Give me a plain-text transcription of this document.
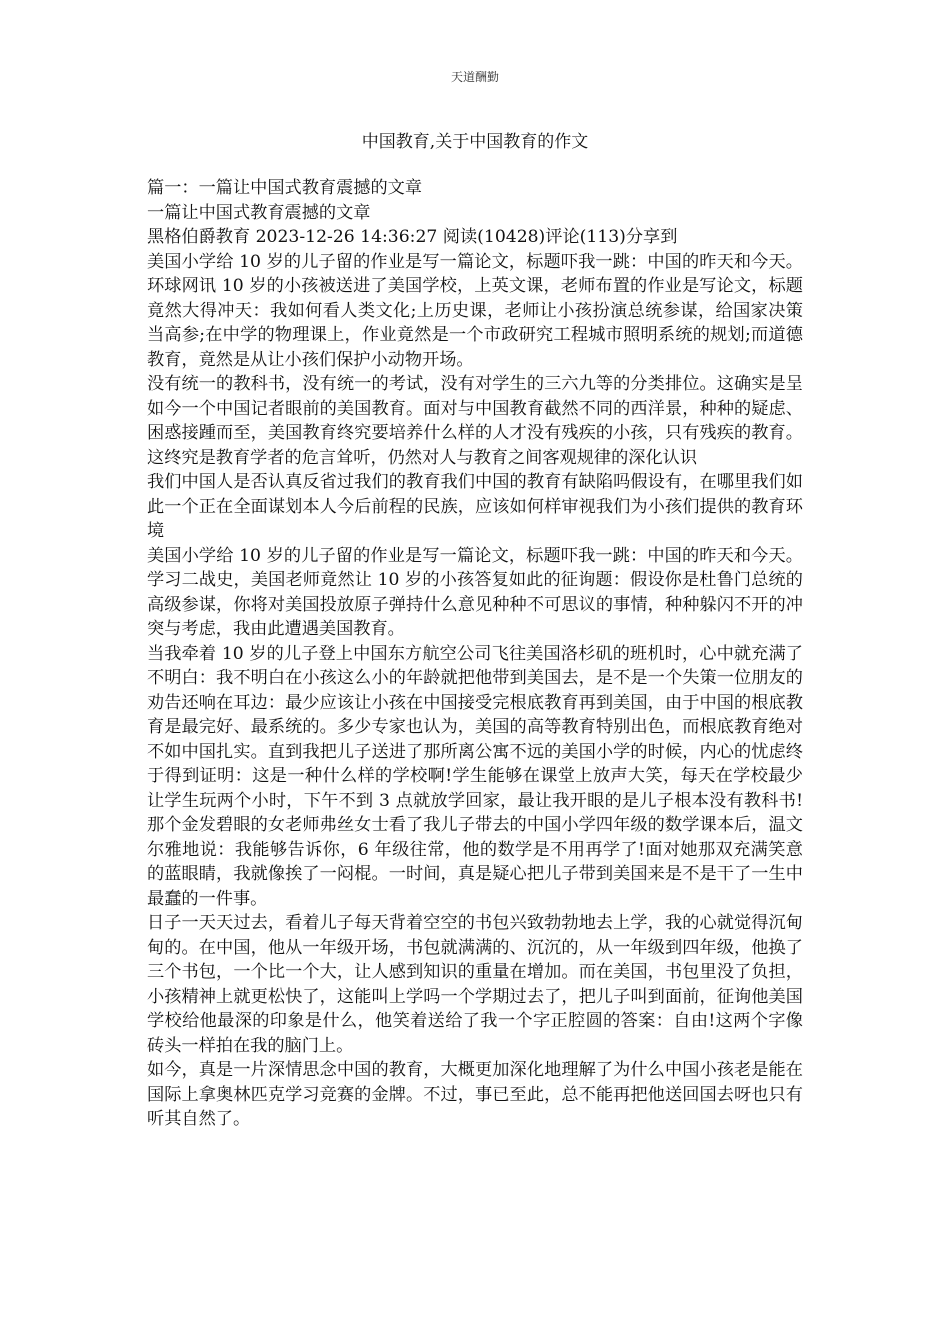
天道酬勤
中国教育,关于中国教育的作文

篇一：一篇让中国式教育震撼的文章

一篇让中国式教育震撼的文章

黑格伯爵教育 2023-12-26 14:36:27 阅读(10428)评论(113)分享到

美国小学给 10 岁的儿子留的作业是写一篇论文，标题吓我一跳：中国的昨天和今天。环球网讯 10 岁的小孩被送进了美国学校，上英文课，老师布置的作业是写论文，标题竟然大得冲天：我如何看人类文化;上历史课，老师让小孩扮演总统参谋，给国家决策当高参;在中学的物理课上，作业竟然是一个市政研究工程城市照明系统的规划;而道德教育，竟然是从让小孩们保护小动物开场。

没有统一的教科书，没有统一的考试，没有对学生的三六九等的分类排位。这确实是呈如今一个中国记者眼前的美国教育。面对与中国教育截然不同的西洋景，种种的疑虑、困惑接踵而至，美国教育终究要培养什么样的人才没有残疾的小孩，只有残疾的教育。这终究是教育学者的危言耸听，仍然对人与教育之间客观规律的深化认识

我们中国人是否认真反省过我们的教育我们中国的教育有缺陷吗假设有，在哪里我们如此一个正在全面谋划本人今后前程的民族，应该如何样审视我们为小孩们提供的教育环境

美国小学给 10 岁的儿子留的作业是写一篇论文，标题吓我一跳：中国的昨天和今天。学习二战史，美国老师竟然让 10 岁的小孩答复如此的征询题：假设你是杜鲁门总统的高级参谋，你将对美国投放原子弹持什么意见种种不可思议的事情，种种躲闪不开的冲突与考虑，我由此遭遇美国教育。

当我牵着 10 岁的儿子登上中国东方航空公司飞往美国洛杉矶的班机时，心中就充满了不明白：我不明白在小孩这么小的年龄就把他带到美国去，是不是一个失策一位朋友的劝告还响在耳边：最少应该让小孩在中国接受完根底教育再到美国，由于中国的根底教育是最完好、最系统的。多少专家也认为，美国的高等教育特别出色，而根底教育绝对不如中国扎实。直到我把儿子送进了那所离公寓不远的美国小学的时候，内心的忧虑终于得到证明：这是一种什么样的学校啊!学生能够在课堂上放声大笑，每天在学校最少让学生玩两个小时，下午不到 3 点就放学回家，最让我开眼的是儿子根本没有教科书!那个金发碧眼的女老师弗丝女士看了我儿子带去的中国小学四年级的数学课本后，温文尔雅地说：我能够告诉你，6 年级往常，他的数学是不用再学了!面对她那双充满笑意的蓝眼睛，我就像挨了一闷棍。一时间，真是疑心把儿子带到美国来是不是干了一生中最蠢的一件事。

日子一天天过去，看着儿子每天背着空空的书包兴致勃勃地去上学，我的心就觉得沉甸甸的。在中国，他从一年级开场，书包就满满的、沉沉的，从一年级到四年级，他换了三个书包，一个比一个大，让人感到知识的重量在增加。而在美国，书包里没了负担，小孩精神上就更松快了，这能叫上学吗一个学期过去了，把儿子叫到面前，征询他美国学校给他最深的印象是什么，他笑着送给了我一个字正腔圆的答案：自由!这两个字像砖头一样拍在我的脑门上。

如今，真是一片深情思念中国的教育，大概更加深化地理解了为什么中国小孩老是能在国际上拿奥林匹克学习竞赛的金牌。不过，事已至此，总不能再把他送回国去呀也只有听其自然了。
